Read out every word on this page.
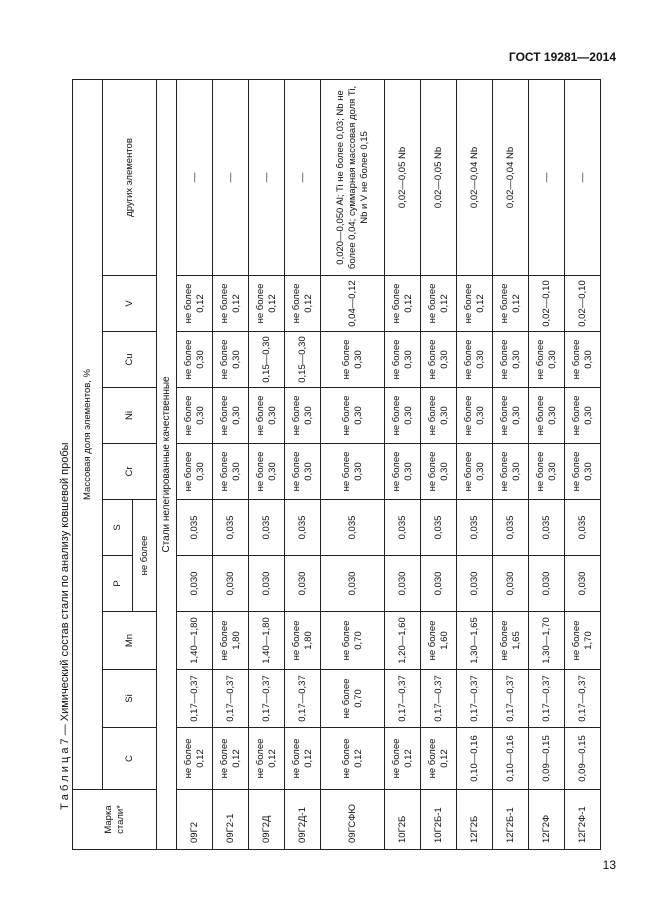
ГОСТ 19281—2014
Т а б л и ц а 7 — Химический состав стали по анализу ковшевой пробы
Марка стали*	Массовая доля элементов, %									
	C	Si	Mn	P	S	Cr	Ni	Cu	V	других элементов
				не более						
Стали нелегированные качественные										
09Г2	не более 0,12	0,17—0,37	1,40—1,80	0,030	0,035	не более 0,30	не более 0,30	не более 0,30	не более 0,12	—
09Г2-1	не более 0,12	0,17—0,37	не более 1,80	0,030	0,035	не более 0,30	не более 0,30	не более 0,30	не более 0,12	—
09Г2Д	не более 0,12	0,17—0,37	1,40—1,80	0,030	0,035	не более 0,30	не более 0,30	0,15—0,30	не более 0,12	—
09Г2Д-1	не более 0,12	0,17—0,37	не более 1,80	0,030	0,035	не более 0,30	не более 0,30	0,15—0,30	не более 0,12	—
09ГСФЮ	не более 0,12	не более 0,70	не более 0,70	0,030	0,035	не более 0,30	не более 0,30	не более 0,30	0,04—0,12	0,020—0,050 Al; Ti не более 0,03; Nb не более 0,04; суммарная массовая доля Ti, Nb и V не более 0,15
10Г2Б	не более 0,12	0,17—0,37	1,20—1,60	0,030	0,035	не более 0,30	не более 0,30	не более 0,30	не более 0,12	0,02—0,05 Nb
10Г2Б-1	не более 0,12	0,17—0,37	не более 1,60	0,030	0,035	не более 0,30	не более 0,30	не более 0,30	не более 0,12	0,02—0,05 Nb
12Г2Б	0,10—0,16	0,17—0,37	1,30—1,65	0,030	0,035	не более 0,30	не более 0,30	не более 0,30	не более 0,12	0,02—0,04 Nb
12Г2Б-1	0,10—0,16	0,17—0,37	не более 1,65	0,030	0,035	не более 0,30	не более 0,30	не более 0,30	не более 0,12	0,02—0,04 Nb
12Г2Ф	0,09—0,15	0,17—0,37	1,30—1,70	0,030	0,035	не более 0,30	не более 0,30	не более 0,30	0,02—0,10	—
12Г2Ф-1	0,09—0,15	0,17—0,37	не более 1,70	0,030	0,035	не более 0,30	не более 0,30	не более 0,30	0,02—0,10	—
13
